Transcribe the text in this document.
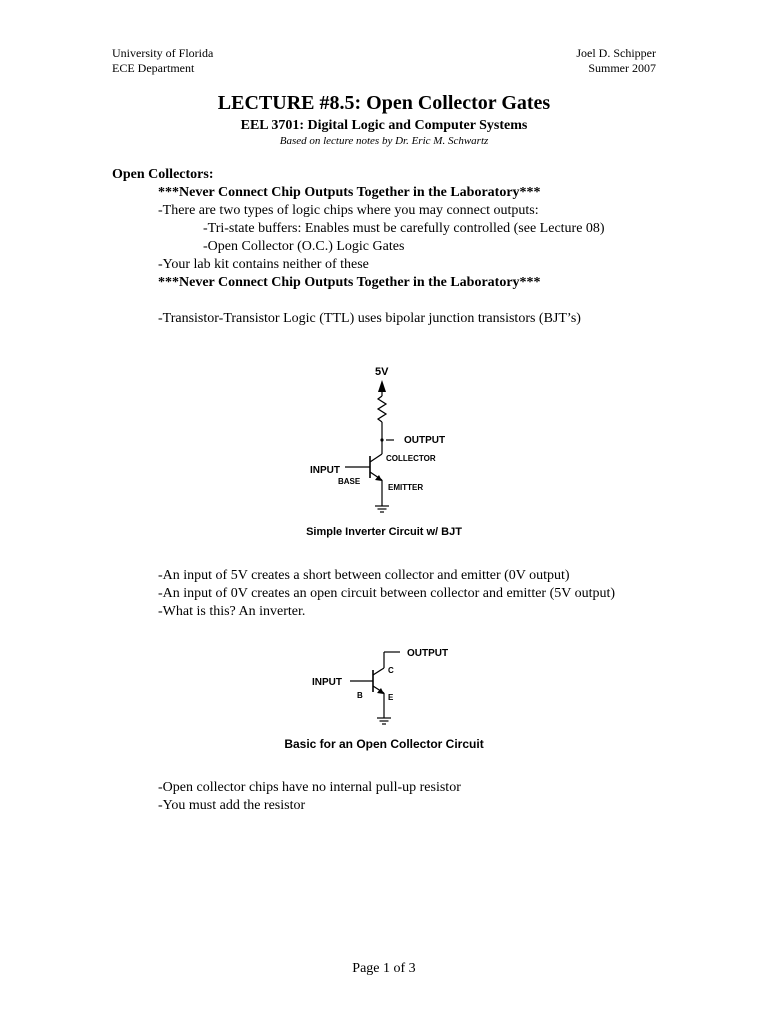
University of Florida
ECE Department
Joel D. Schipper
Summer 2007
LECTURE #8.5: Open Collector Gates
EEL 3701: Digital Logic and Computer Systems
Based on lecture notes by Dr. Eric M. Schwartz
Open Collectors:
***Never Connect Chip Outputs Together in the Laboratory***
-There are two types of logic chips where you may connect outputs:
-Tri-state buffers: Enables must be carefully controlled (see Lecture 08)
-Open Collector (O.C.) Logic Gates
-Your lab kit contains neither of these
***Never Connect Chip Outputs Together in the Laboratory***
-Transistor-Transistor Logic (TTL) uses bipolar junction transistors (BJT’s)
5V
OUTPUT
COLLECTOR
INPUT
BASE
EMITTER
Simple Inverter Circuit w/ BJT
-An input of 5V creates a short between collector and emitter (0V output)
-An input of 0V creates an open circuit between collector and emitter (5V output)
-What is this? An inverter.
OUTPUT
C
INPUT
B	E
Basic for an Open Collector Circuit
-Open collector chips have no internal pull-up resistor
-You must add the resistor
Page 1 of 3
